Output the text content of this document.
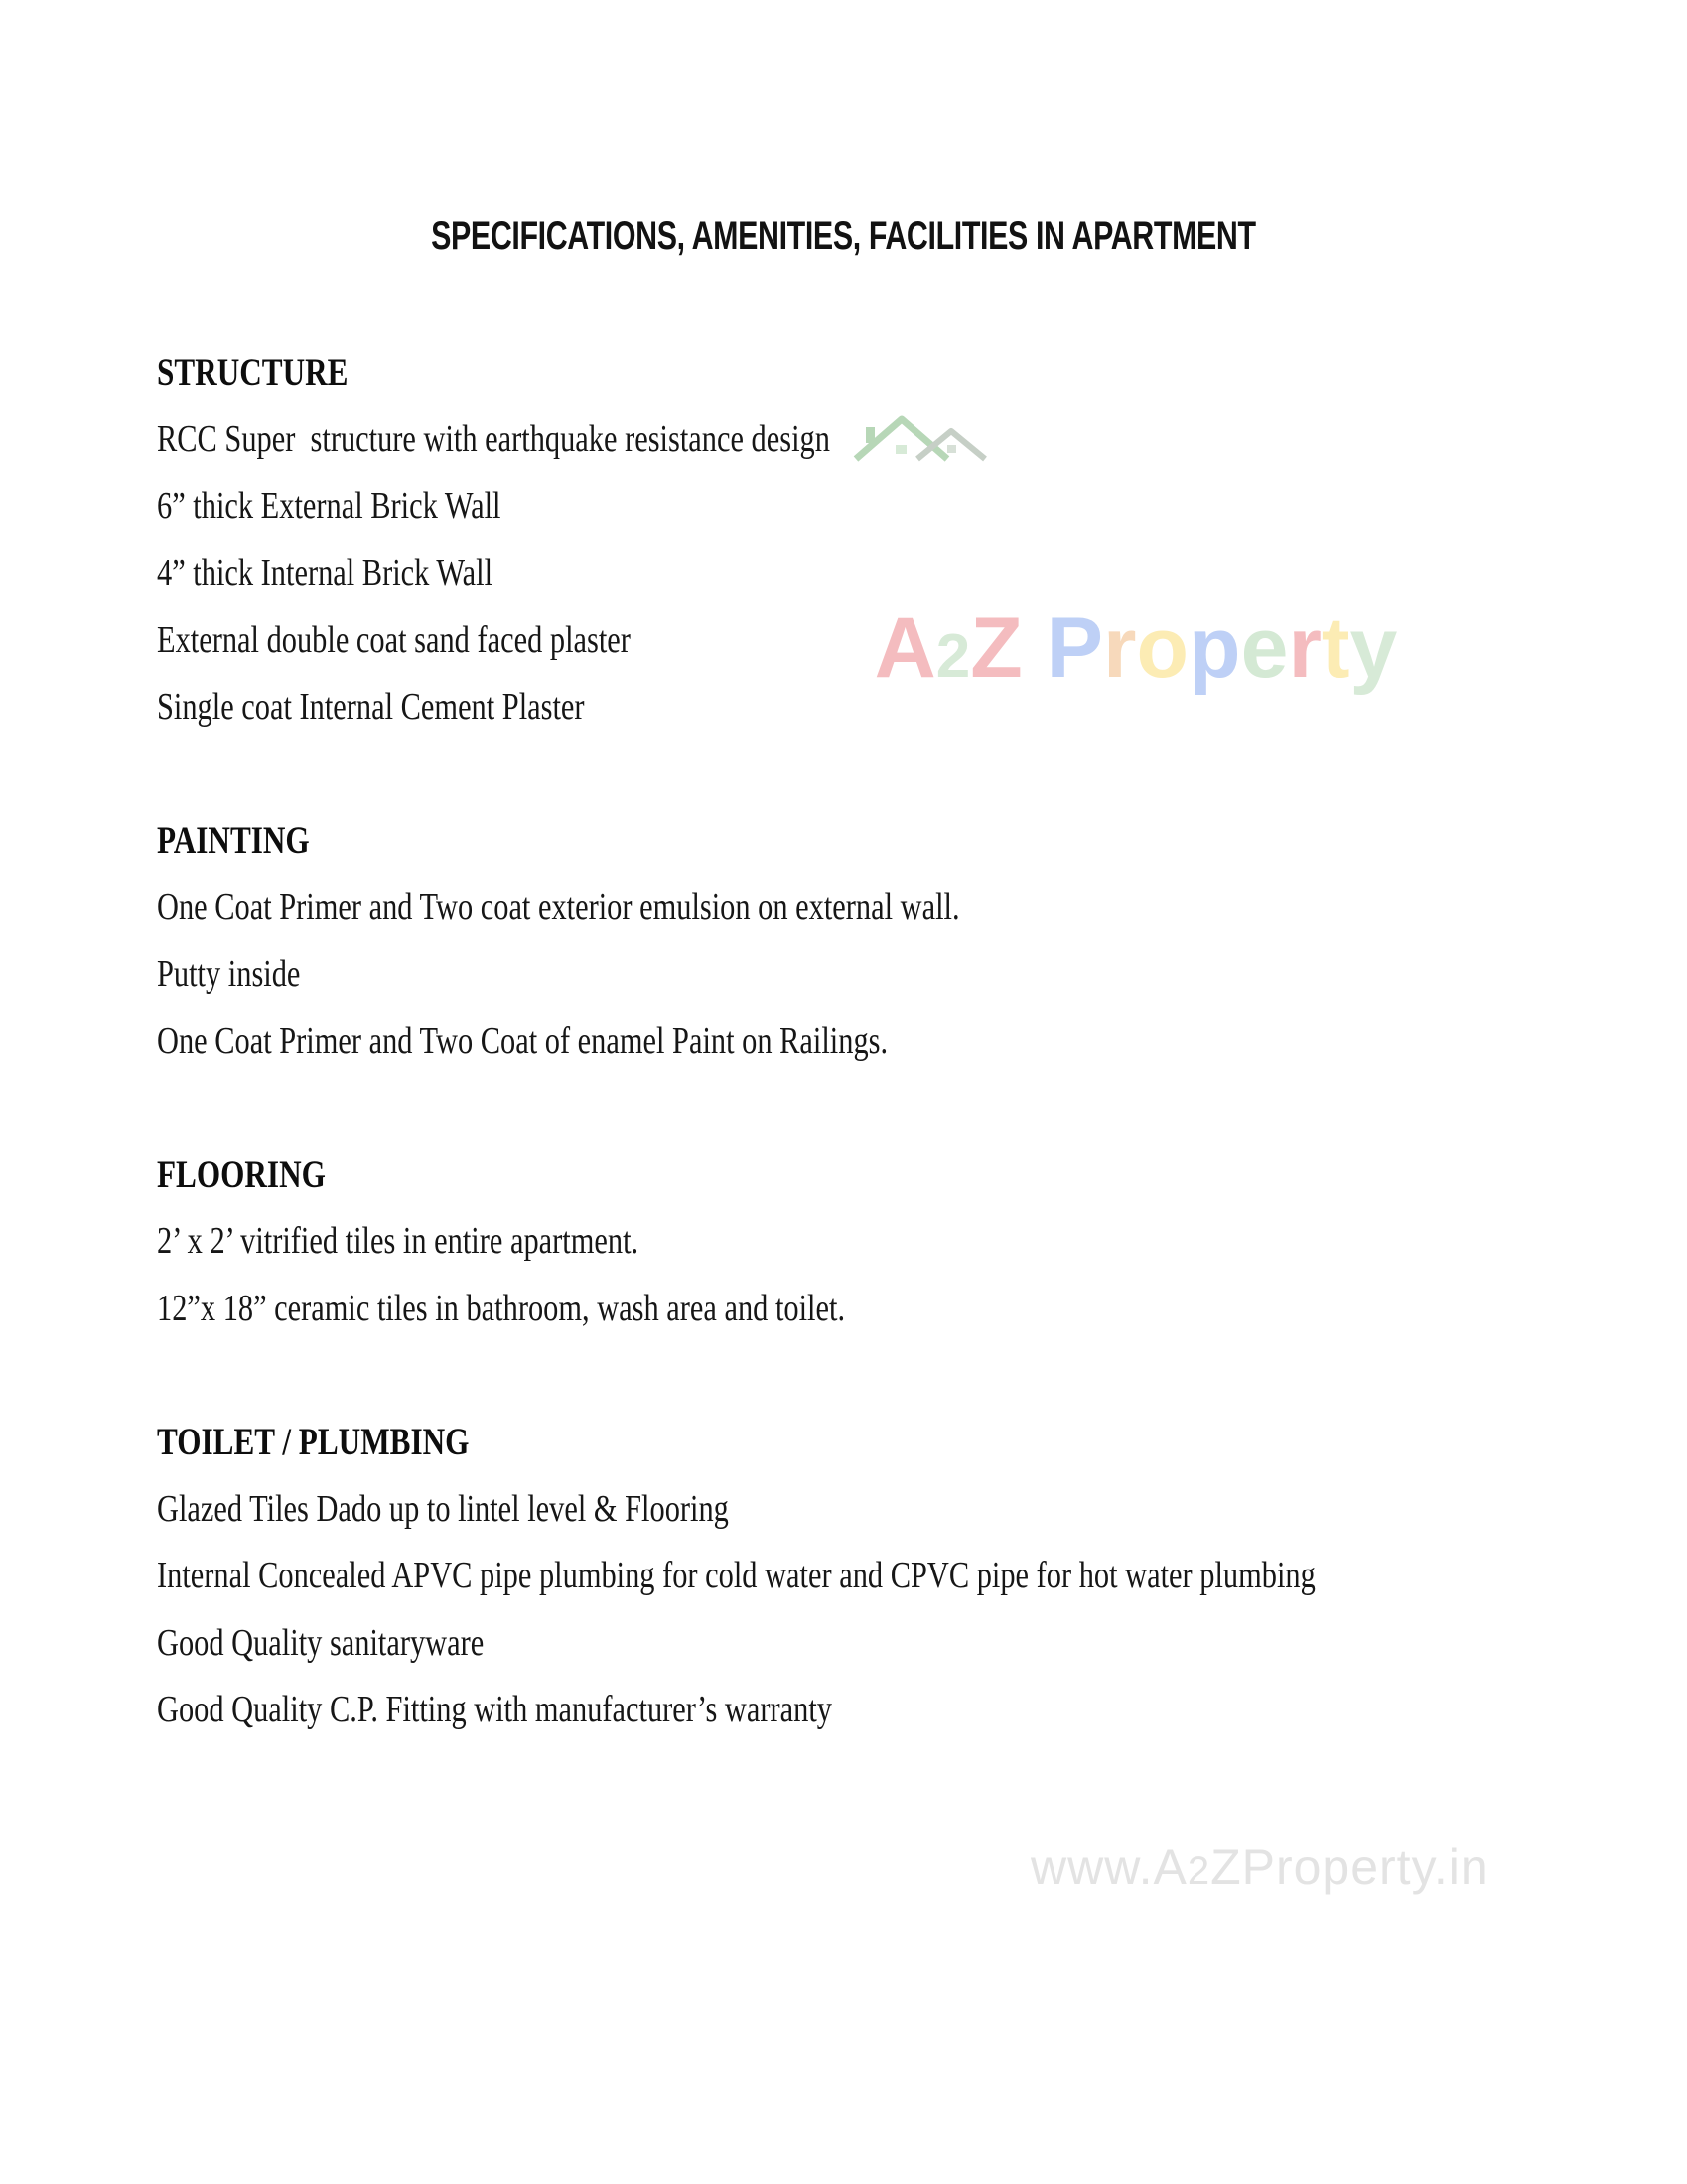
SPECIFICATIONS, AMENITIES, FACILITIES IN APARTMENT
STRUCTURE
RCC Super  structure with earthquake resistance design
6” thick External Brick Wall
4” thick Internal Brick Wall
External double coat sand faced plaster
Single coat Internal Cement Plaster
PAINTING
One Coat Primer and Two coat exterior emulsion on external wall.
Putty inside
One Coat Primer and Two Coat of enamel Paint on Railings.
FLOORING
2’ x 2’ vitrified tiles in entire apartment.
12”x 18” ceramic tiles in bathroom, wash area and toilet.
TOILET / PLUMBING
Glazed Tiles Dado up to lintel level & Flooring
Internal Concealed APVC pipe plumbing for cold water and CPVC pipe for hot water plumbing
Good Quality sanitaryware
Good Quality C.P. Fitting with manufacturer’s warranty

A2Z Property
www.A2ZProperty.in
